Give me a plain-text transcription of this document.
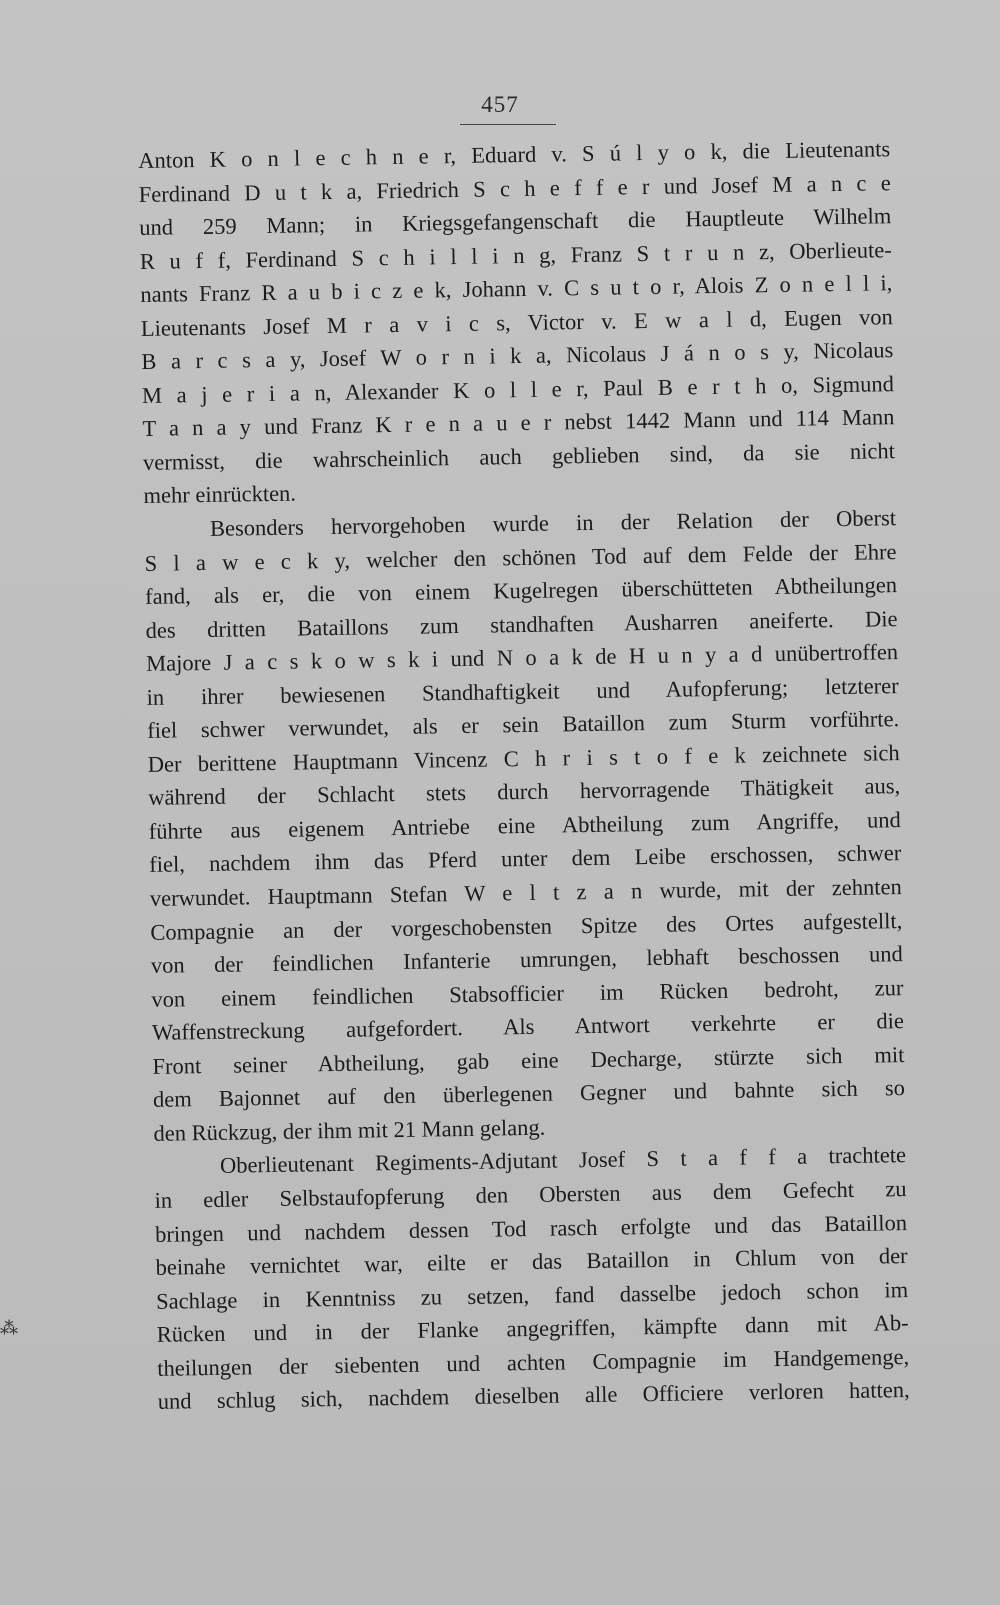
457
Anton K o n l e c h n e r, Eduard v. S ú l y o k, die Lieutenants
Ferdinand D u t k a, Friedrich S c h e f f e r und Josef M a n c e
und 259 Mann; in Kriegsgefangenschaft die Hauptleute Wilhelm
R u f f, Ferdinand S c h i l l i n g, Franz S t r u n z, Oberlieute-
nants Franz R a u b i c z e k, Johann v. C s u t o r, Alois Z o n e l l i,
Lieutenants Josef M r a v i c s, Victor v. E w a l d, Eugen von
B a r c s a y, Josef W o r n i k a, Nicolaus J á n o s y, Nicolaus
M a j e r i a n, Alexander K o l l e r, Paul B e r t h o, Sigmund
T a n a y und Franz K r e n a u e r nebst 1442 Mann und 114 Mann
vermisst, die wahrscheinlich auch geblieben sind, da sie nicht
mehr einrückten.
Besonders hervorgehoben wurde in der Relation der Oberst
S l a w e c k y, welcher den schönen Tod auf dem Felde der Ehre
fand, als er, die von einem Kugelregen überschütteten Abtheilungen
des dritten Bataillons zum standhaften Ausharren aneiferte. Die
Majore J a c s k o w s k i und N o a k de H u n y a d unübertroffen
in ihrer bewiesenen Standhaftigkeit und Aufopferung; letzterer
fiel schwer verwundet, als er sein Bataillon zum Sturm vorführte.
Der berittene Hauptmann Vincenz C h r i s t o f e k zeichnete sich
während der Schlacht stets durch hervorragende Thätigkeit aus,
führte aus eigenem Antriebe eine Abtheilung zum Angriffe, und
fiel, nachdem ihm das Pferd unter dem Leibe erschossen, schwer
verwundet. Hauptmann Stefan W e l t z a n wurde, mit der zehnten
Compagnie an der vorgeschobensten Spitze des Ortes aufgestellt,
von der feindlichen Infanterie umrungen, lebhaft beschossen und
von einem feindlichen Stabsofficier im Rücken bedroht, zur
Waffenstreckung aufgefordert. Als Antwort verkehrte er die
Front seiner Abtheilung, gab eine Decharge, stürzte sich mit
dem Bajonnet auf den überlegenen Gegner und bahnte sich so
den Rückzug, der ihm mit 21 Mann gelang.
Oberlieutenant Regiments-Adjutant Josef S t a f f a trachtete
in edler Selbstaufopferung den Obersten aus dem Gefecht zu
bringen und nachdem dessen Tod rasch erfolgte und das Bataillon
beinahe vernichtet war, eilte er das Bataillon in Chlum von der
Sachlage in Kenntniss zu setzen, fand dasselbe jedoch schon im
Rücken und in der Flanke angegriffen, kämpfte dann mit Ab-
theilungen der siebenten und achten Compagnie im Handgemenge,
und schlug sich, nachdem dieselben alle Officiere verloren hatten,
⁂
